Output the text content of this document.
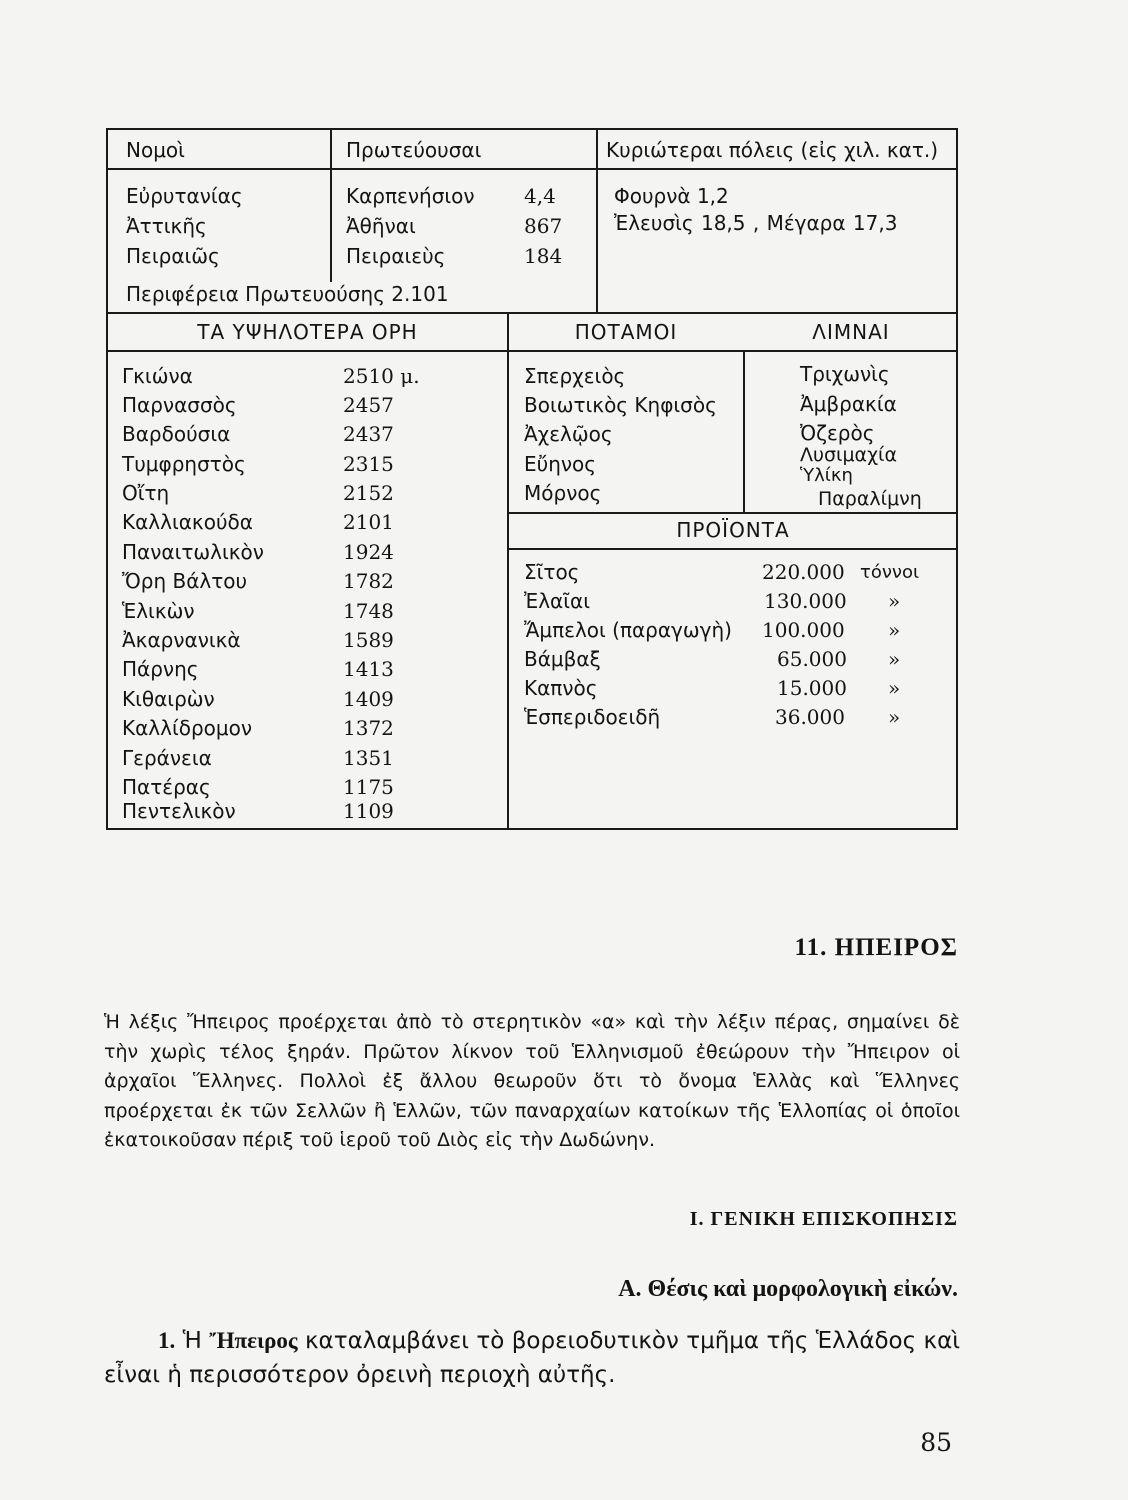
Νομοὶ	Πρωτεύουσαι	Κυριώτεραι πόλεις (εἰς χιλ. κατ.)
Εὐρυτανίας	Καρπενήσιον 4,4	Φουρνὰ 1,2
Ἀττικῆς	Ἀθῆναι	867	Ἐλευσὶς 18,5 , Μέγαρα 17,3
Πειραιῶς	Πειραιεὺς	184
Περιφέρεια Πρωτευούσης 2.101
ΤΑ ΥΨΗΛΟΤΕΡΑ ΟΡΗ	ΠΟΤΑΜΟΙ	ΛΙΜΝΑΙ
ΠΡΟΪΟΝΤΑ
Γκιώνα	2510 μ.
Παρνασσὸς	2457
Βαρδούσια	2437
Τυμφρηστὸς	2315
Οἴτη	2152
Καλλιακούδα	2101
Παναιτωλικὸν	1924
Ὄρη Βάλτου	1782
Ἑλικὼν	1748
Ἀκαρνανικὰ	1589
Πάρνης	1413
Κιθαιρὼν	1409
Καλλίδρομον	1372
Γεράνεια	1351
Πατέρας	1175
Πεντελικὸν	1109
Σπερχειὸς
Βοιωτικὸς Κηφισὸς
Ἀχελῷος
Εὔηνος
Μόρνος
Τριχωνὶς
Ἀμβρακία
Ὀζερὸς
Λυσιμαχία
Ὑλίκη
Παραλίμνη
Σῖτος	220.000 τόννοι
Ἐλαῖαι	130.000 »
Ἄμπελοι (παραγωγὴ) 100.000 »
Βάμβαξ	65.000 »
Καπνὸς	15.000 »
Ἑσπεριδοειδῆ	36.000 »
11. ΗΠΕΙΡΟΣ
Ἡ λέξις Ἤπειρος προέρχεται ἀπὸ τὸ στερητικὸν «α» καὶ τὴν λέξιν πέρας, σημαίνει δὲ τὴν χωρὶς τέλος ξηράν. Πρῶτον λίκνον τοῦ Ἑλληνισμοῦ ἐθεώρουν τὴν Ἤπειρον οἱ ἀρχαῖοι Ἕλληνες. Πολλοὶ ἐξ ἄλλου θεωροῦν ὅτι τὸ ὄνομα Ἑλλὰς καὶ Ἕλληνες προέρχεται ἐκ τῶν Σελλῶν ἢ Ἑλλῶν, τῶν παναρχαίων κατοίκων τῆς Ἑλλοπίας οἱ ὁποῖοι ἐκατοικοῦσαν πέριξ τοῦ ἱεροῦ τοῦ Διὸς εἰς τὴν Δωδώνην.
Ι. ΓΕΝΙΚΗ ΕΠΙΣΚΟΠΗΣΙΣ
Α. Θέσις καὶ μορφολογικὴ εἰκών.
1. Ἡ Ἤπειρος καταλαμβάνει τὸ βορειοδυτικὸν τμῆμα τῆς Ἑλλάδος καὶ εἶναι ἡ περισσότερον ὀρεινὴ περιοχὴ αὐτῆς.
85
